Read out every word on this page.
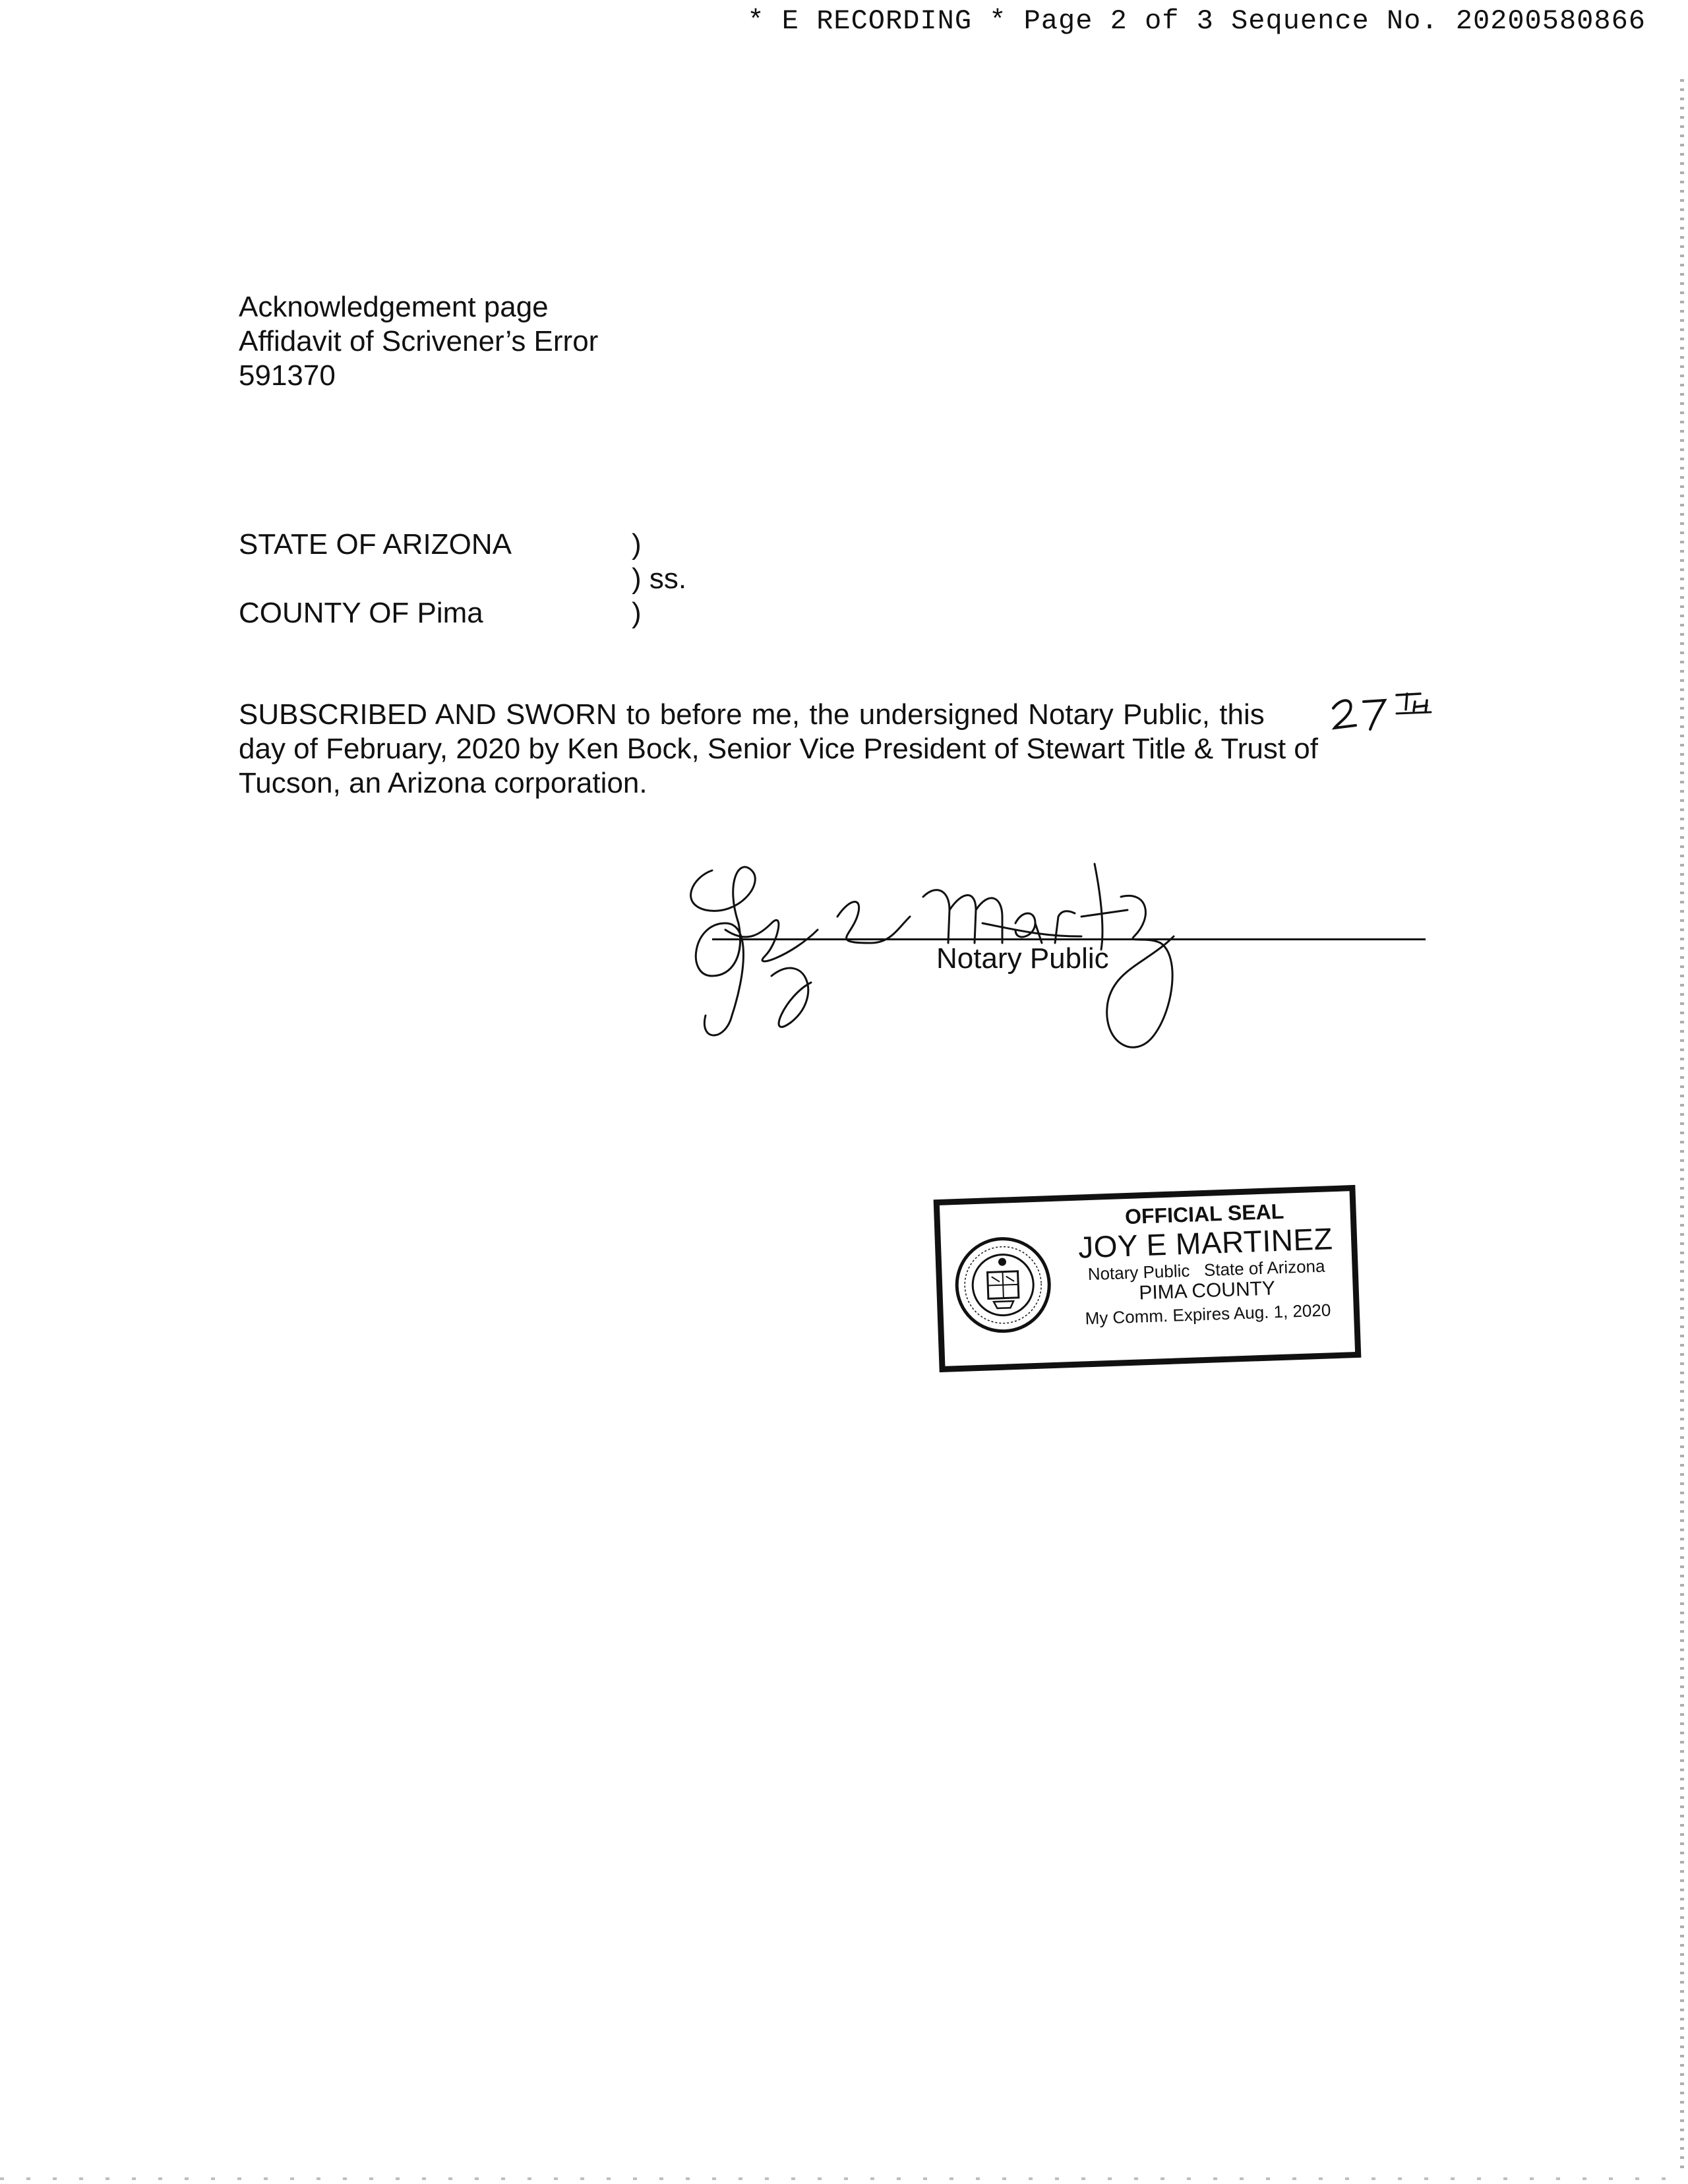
* E RECORDING * Page 2 of 3 Sequence No. 20200580866
Acknowledgement page
Affidavit of Scrivener’s Error
591370
STATE OF ARIZONA	)
) ss.
COUNTY OF Pima	)

SUBSCRIBED AND SWORN to before me, the undersigned Notary Public, this

day of February, 2020 by Ken Bock, Senior Vice President of Stewart Title & Trust of

Tucson, an Arizona corporation.

Notary Public
OFFICIAL SEAL
JOY E MARTINEZ
Notary Public   State of Arizona
PIMA COUNTY
My Comm. Expires Aug. 1, 2020
